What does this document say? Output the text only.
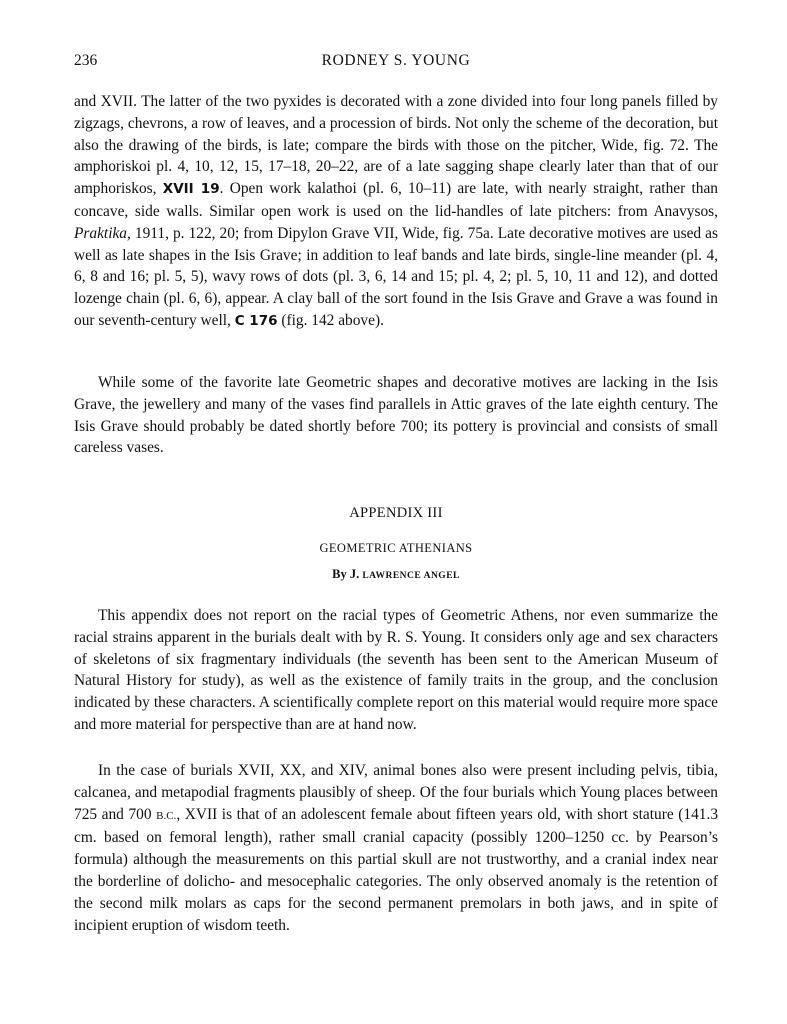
236	RODNEY S. YOUNG

and XVII. The latter of the two pyxides is decorated with a zone divided into four long panels filled by zigzags, chevrons, a row of leaves, and a procession of birds. Not only the scheme of the decoration, but also the drawing of the birds, is late; compare the birds with those on the pitcher, Wide, fig. 72. The amphoriskoi pl. 4, 10, 12, 15, 17–18, 20–22, are of a late sagging shape clearly later than that of our amphoriskos, XVII 19. Open work kalathoi (pl. 6, 10–11) are late, with nearly straight, rather than concave, side walls. Similar open work is used on the lid-handles of late pitchers: from Anavysos, Praktika, 1911, p. 122, 20; from Dipylon Grave VII, Wide, fig. 75a. Late decorative motives are used as well as late shapes in the Isis Grave; in addition to leaf bands and late birds, single-line meander (pl. 4, 6, 8 and 16; pl. 5, 5), wavy rows of dots (pl. 3, 6, 14 and 15; pl. 4, 2; pl. 5, 10, 11 and 12), and dotted lozenge chain (pl. 6, 6), appear. A clay ball of the sort found in the Isis Grave and Grave a was found in our seventh-century well, C 176 (fig. 142 above).

While some of the favorite late Geometric shapes and decorative motives are lacking in the Isis Grave, the jewellery and many of the vases find parallels in Attic graves of the late eighth century. The Isis Grave should probably be dated shortly before 700; its pottery is provincial and consists of small careless vases.

APPENDIX III
GEOMETRIC ATHENIANS
By J. LAWRENCE ANGEL

This appendix does not report on the racial types of Geometric Athens, nor even summarize the racial strains apparent in the burials dealt with by R. S. Young. It considers only age and sex characters of skeletons of six fragmentary individuals (the seventh has been sent to the American Museum of Natural History for study), as well as the existence of family traits in the group, and the conclusion indicated by these characters. A scientifically complete report on this material would require more space and more material for perspective than are at hand now.

In the case of burials XVII, XX, and XIV, animal bones also were present including pelvis, tibia, calcanea, and metapodial fragments plausibly of sheep. Of the four burials which Young places between 725 and 700 B.C., XVII is that of an adolescent female about fifteen years old, with short stature (141.3 cm. based on femoral length), rather small cranial capacity (possibly 1200–1250 cc. by Pearson’s formula) although the measurements on this partial skull are not trustworthy, and a cranial index near the borderline of dolicho- and mesocephalic categories. The only observed anomaly is the retention of the second milk molars as caps for the second permanent premolars in both jaws, and in spite of incipient eruption of wisdom teeth.
